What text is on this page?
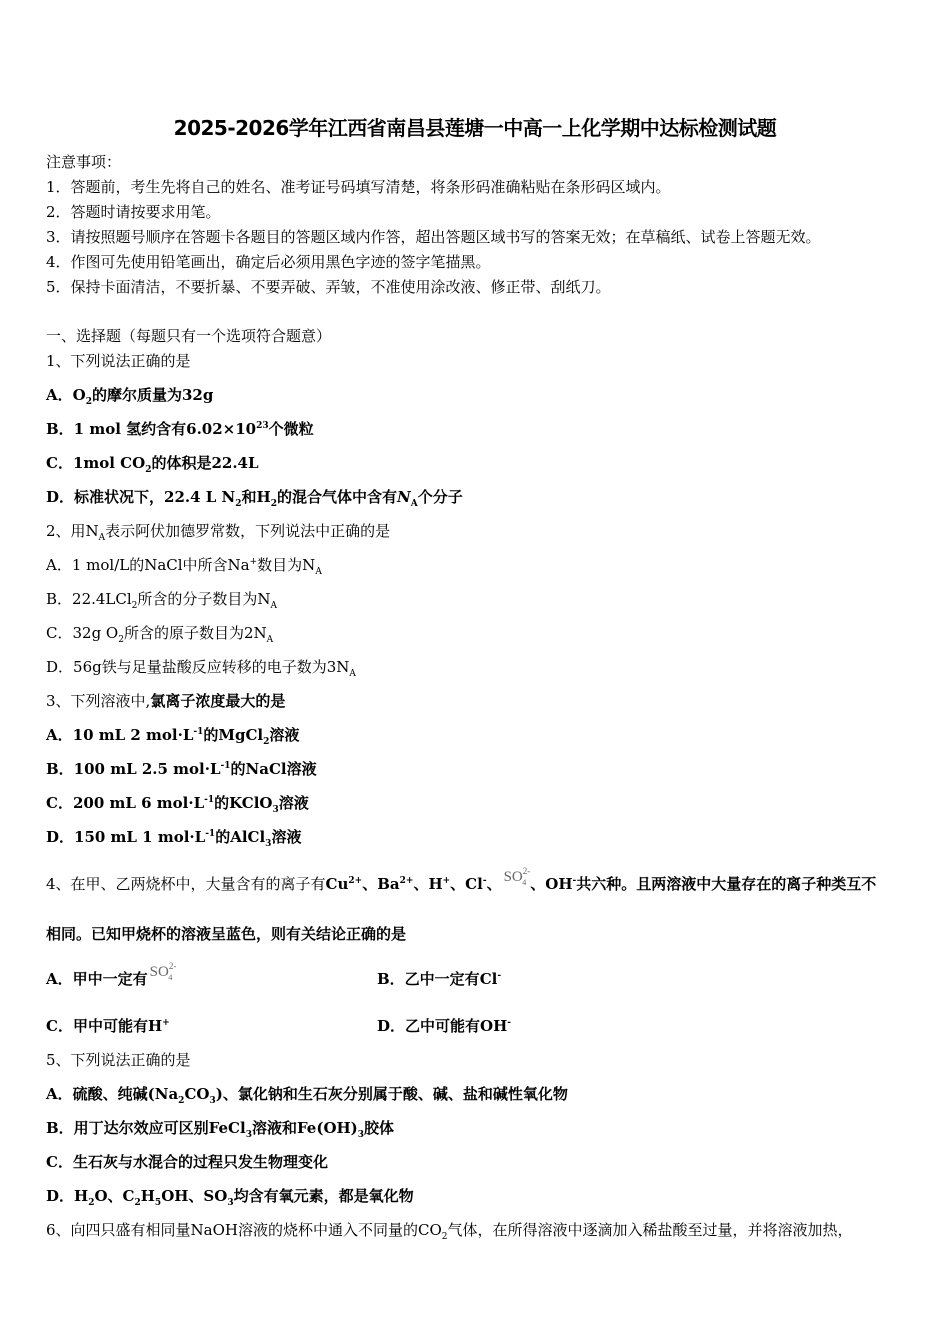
2025-2026学年江西省南昌县莲塘一中高一上化学期中达标检测试题
注意事项：
1．答题前，考生先将自己的姓名、准考证号码填写清楚，将条形码准确粘贴在条形码区域内。
2．答题时请按要求用笔。
3．请按照题号顺序在答题卡各题目的答题区域内作答，超出答题区域书写的答案无效；在草稿纸、试卷上答题无效。
4．作图可先使用铅笔画出，确定后必须用黑色字迹的签字笔描黑。
5．保持卡面清洁，不要折暴、不要弄破、弄皱，不准使用涂改液、修正带、刮纸刀。
一、选择题（每题只有一个选项符合题意）
1、下列说法正确的是
A．$O_2$的摩尔质量为32g
B．1 mol 氢约含有$6.02\times 10^{23}$个微粒
C．1mol $CO_2$的体积是22.4L
D．标准状况下，22.4 L $N_2$和$H_2$的混合气体中含有$N_A$个分子
2、用$N_A$表示阿伏加德罗常数，下列说法中正确的是
A．1 mol/L的NaCl中所含Na+数目为$N_A$
B．22.4LCl$_2$所含的分子数目为$N_A$
C．32g $O_2$所含的原子数目为$2N_A$
D．56g铁与足量盐酸反应转移的电子数为$3N_A$
3、下列溶液中,氯离子浓度最大的是
A．10 mL 2 $mol\cdot L^{-1}$的MgCl$_2$溶液
B．100 mL 2.5 $mol\cdot L^{-1}$的NaCl溶液
C．200 mL 6 $mol\cdot L^{-1}$的KClO$_3$溶液
D．150 mL 1 $mol\cdot L^{-1}$的AlCl$_3$溶液
4、在甲、乙两烧杯中，大量含有的离子有$Cu^{2+}$、$Ba^{2+}$、H+、Cl-、 $SO^{2-}_4$ 、OH-共六种。且两溶液中大量存在的离子种类互不
相同。已知甲烧杯的溶液呈蓝色，则有关结论正确的是
A．甲中一定有 $SO^{2-}_4$	B．乙中一定有Cl-
C．甲中可能有H+	D．乙中可能有OH-
5、下列说法正确的是
A．硫酸、纯碱$(Na_2CO_3)$、氯化钠和生石灰分别属于酸、碱、盐和碱性氧化物
B．用丁达尔效应可区别FeCl$_3$溶液和$Fe(OH)_3$胶体
C．生石灰与水混合的过程只发生物理变化
D．$H_2O$、$C_2H_5OH$、$SO_3$均含有氧元素，都是氧化物
6、向四只盛有相同量NaOH溶液的烧杯中通入不同量的$CO_2$气体，在所得溶液中逐滴加入稀盐酸至过量，并将溶液加热，
